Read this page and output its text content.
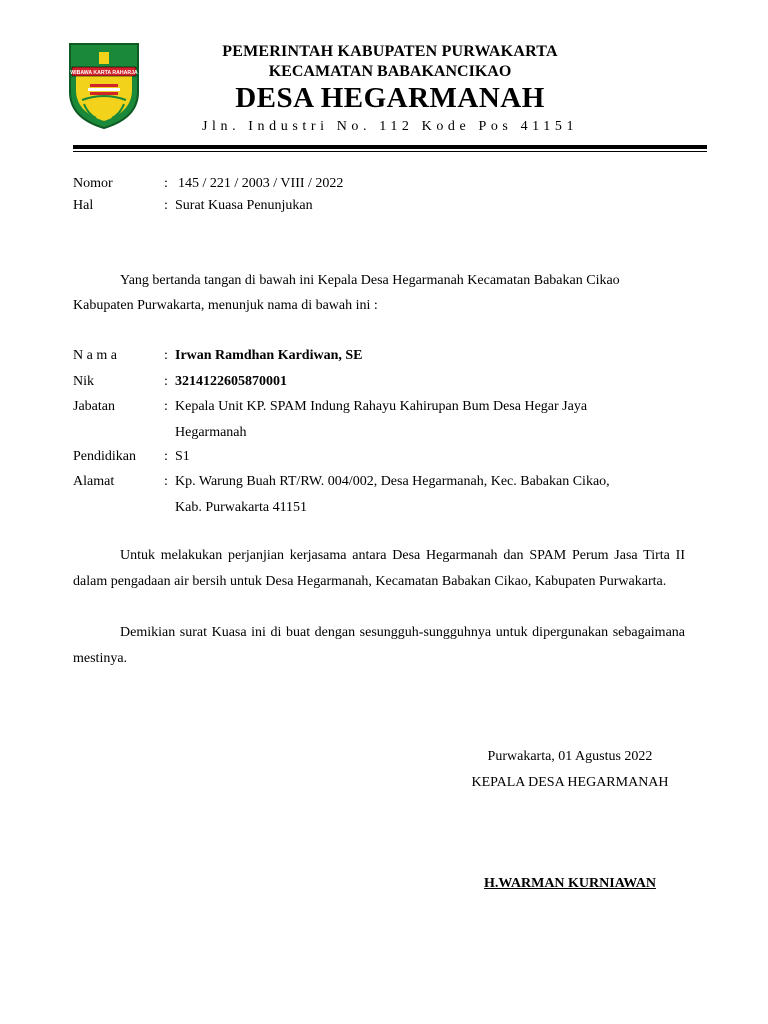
WIBAWA KARTA RAHARJA
PEMERINTAH KABUPATEN PURWAKARTA
KECAMATAN BABAKANCIKAO
DESA HEGARMANAH
Jln. Industri No. 112 Kode Pos 41151
Nomor	: 145 / 221 / 2003 / VIII / 2022
Hal	: Surat Kuasa Penunjukan
Yang bertanda tangan di bawah ini Kepala Desa Hegarmanah Kecamatan Babakan Cikao
Kabupaten Purwakarta, menunjuk nama di bawah ini :
N a m a	: Irwan Ramdhan Kardiwan, SE
Nik	: 3214122605870001
Jabatan	: Kepala Unit KP. SPAM Indung Rahayu Kahirupan Bum Desa Hegar Jaya
Hegarmanah
Pendidikan : S1
Alamat	: Kp. Warung Buah RT/RW. 004/002, Desa Hegarmanah, Kec. Babakan Cikao,
Kab. Purwakarta 41151
Untuk melakukan perjanjian kerjasama antara Desa Hegarmanah dan SPAM Perum Jasa Tirta II dalam pengadaan air bersih untuk Desa Hegarmanah, Kecamatan Babakan Cikao, Kabupaten Purwakarta.
Demikian surat Kuasa ini di buat dengan sesungguh-sungguhnya untuk dipergunakan sebagaimana mestinya.
Purwakarta, 01 Agustus 2022
KEPALA DESA HEGARMANAH
H.WARMAN KURNIAWAN
